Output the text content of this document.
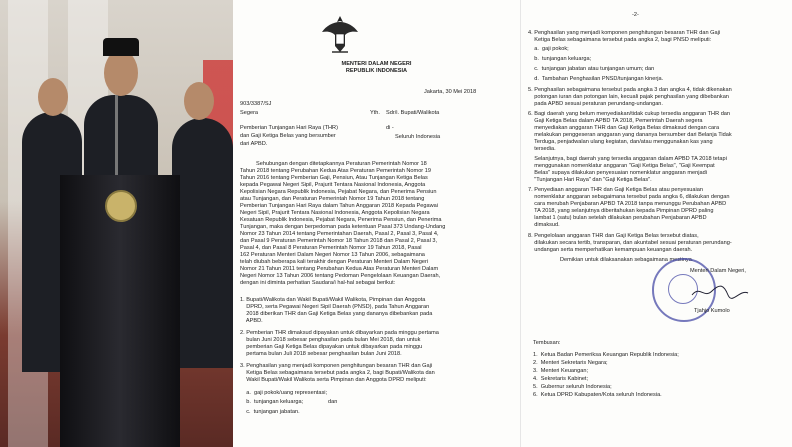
MENTERI DALAM NEGERI
REPUBLIK INDONESIA
Jakarta, 30 Mei 2018
903/3387/SJ
Segera	Yth. Sdr/i. Bupati/Walikota
di -
Seluruh Indonesia
Pemberian Tunjangan Hari Raya (THR)
dan Gaji Ketiga Belas yang bersumber
dari APBD.
Sehubungan dengan ditetapkannya Peraturan Pemerintah Nomor 18
Tahun 2018 tentang Perubahan Kedua Atas Peraturan Pemerintah Nomor 19
Tahun 2016 tentang Pemberian Gaji, Pensiun, Atau Tunjangan Ketiga Belas
kepada Pegawai Negeri Sipil, Prajurit Tentara Nasional Indonesia, Anggota
Kepolisian Negara Republik Indonesia, Pejabat Negara, dan Penerima Pensiun
atau Tunjangan, dan Peraturan Pemerintah Nomor 19 Tahun 2018 tentang
Pemberian Tunjangan Hari Raya dalam Tahun Anggaran 2018 Kepada Pegawai
Negeri Sipil, Prajurit Tentara Nasional Indonesia, Anggota Kepolisian Negara
Kesatuan Republik Indonesia, Pejabat Negara, Penerima Pensiun, dan Penerima
Tunjangan, maka dengan berpedoman pada ketentuan Pasal 373 Undang-Undang
Nomor 23 Tahun 2014 tentang Pemerintahan Daerah, Pasal 2, Pasal 3, Pasal 4,
dan Pasal 9 Peraturan Pemerintah Nomor 18 Tahun 2018 dan Pasal 2, Pasal 3,
Pasal 4, dan Pasal 8 Peraturan Pemerintah Nomor 19 Tahun 2018, Pasal
162 Peraturan Menteri Dalam Negeri Nomor 13 Tahun 2006, sebagaimana
telah diubah beberapa kali terakhir dengan Peraturan Menteri Dalam Negeri
Nomor 21 Tahun 2011 tentang Perubahan Kedua Atas Peraturan Menteri Dalam
Negeri Nomor 13 Tahun 2006 tentang Pedoman Pengelolaan Keuangan Daerah,
dengan ini diminta perhatian Saudara/i hal-hal sebagai berikut:
1. Bupati/Walikota dan Wakil Bupati/Wakil Walikota, Pimpinan dan Anggota
DPRD, serta Pegawai Negeri Sipil Daerah (PNSD), pada Tahun Anggaran
2018 diberikan THR dan Gaji Ketiga Belas yang dananya dibebankan pada
APBD.
2. Pemberian THR dimaksud dipayakan untuk dibayarkan pada minggu pertama
bulan Juni 2018 sebesar penghasilan pada bulan Mei 2018, dan untuk
pemberian Gaji Ketiga Belas dipayakan untuk dibayarkan pada minggu
pertama bulan Juli 2018 sebesar penghasilan bulan Juni 2018.
3. Penghasilan yang menjadi komponen penghitungan besaran THR dan Gaji
Ketiga Belas sebagaimana tersebut pada angka 2, bagi Bupati/Walikota dan
Wakil Bupati/Wakil Walikota serta Pimpinan dan Anggota DPRD meliputi:
a.  gaji pokok/uang representasi;
b.  tunjangan keluarga;                dan
c.  tunjangan jabatan.
-2-
4. Penghasilan yang menjadi komponen penghitungan besaran THR dan Gaji
Ketiga Belas sebagaimana tersebut pada angka 2, bagi PNSD meliputi:
a.  gaji pokok;
b.  tunjangan keluarga;
c.  tunjangan jabatan atau tunjangan umum; dan
d.  Tambahan Penghasilan PNSD/tunjangan kinerja.
5. Penghasilan sebagaimana tersebut pada angka 3 dan angka 4, tidak dikenakan
potongan iuran dan potongan lain, kecuali pajak penghasilan yang dibebankan
pada APBD sesuai peraturan perundang-undangan.
6. Bagi daerah yang belum menyediakan/tidak cukup tersedia anggaran THR dan
Gaji Ketiga Belas dalam APBD TA 2018, Pemerintah Daerah segera
menyediakan anggaran THR dan Gaji Ketiga Belas dimaksud dengan cara
melakukan penggeseran anggaran yang dananya bersumber dari Belanja Tidak
Terduga, penjadwalan ulang kegiatan, dan/atau menggunakan kas yang
tersedia.
Selanjutnya, bagi daerah yang tersedia anggaran dalam APBD TA 2018 tetapi
menggunakan nomenklatur anggaran "Gaji Ketiga Belas", "Gaji Keempat
Belas" supaya dilakukan penyesuaian nomenklatur anggaran menjadi
"Tunjangan Hari Raya" dan "Gaji Ketiga Belas".
7. Penyediaan anggaran THR dan Gaji Ketiga Belas atau penyesuaian
nomenklatur anggaran sebagaimana tersebut pada angka 6, dilakukan dengan
cara merubah Penjabaran APBD TA 2018 tanpa menunggu Perubahan APBD
TA 2018, yang selanjutnya diberitahukan kepada Pimpinan DPRD paling
lambat 1 (satu) bulan setelah dilakukan perubahan Penjabaran APBD
dimaksud.
8. Pengelolaan anggaran THR dan Gaji Ketiga Belas tersebut diatas,
dilakukan secara tertib, transparan, dan akuntabel sesuai peraturan perundang-
undangan serta memperhatikan kemampuan keuangan daerah.
Demikian untuk dilaksanakan sebagaimana mestinya.
Menteri Dalam Negeri,
Tjahjo Kumolo
Tembusan:
1.  Ketua Badan Pemeriksa Keuangan Republik Indonesia;
2.  Menteri Sekretaris Negara;
3.  Menteri Keuangan;
4.  Sekretaris Kabinet;
5.  Gubernur seluruh Indonesia;
6.  Ketua DPRD Kabupaten/Kota seluruh Indonesia.
